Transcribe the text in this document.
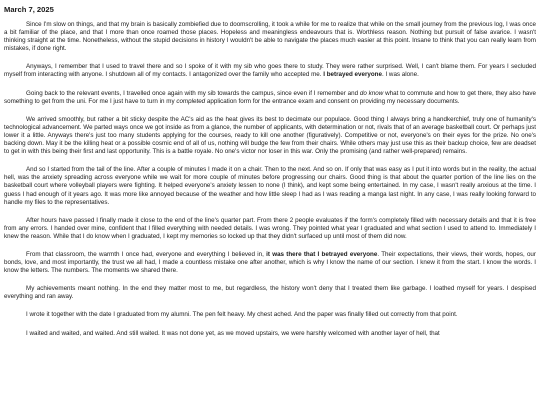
March 7, 2025

Since I'm slow on things, and that my brain is basically zombiefied due to doomscrolling, it took a while for me to realize that while on the small journey from the previous log, I was once a bit familiar of the place, and that I more than once roamed those places. Hopeless and meaningless endeavours that is. Worthless reason. Nothing but pursuit of false avarice. I wasn't thinking straight at the time. Nonetheless, without the stupid decisions in history I wouldn't be able to navigate the places much easier at this point. Insane to think that you can really learn from mistakes, if done right.

Anyways, I remember that I used to travel there and so I spoke of it with my sib who goes there to study. They were rather surprised. Well, I can't blame them. For years I secluded myself from interacting with anyone. I shutdown all of my contacts. I antagonized over the family who accepted me. I betrayed everyone. I was alone.

Going back to the relevant events, I travelled once again with my sib towards the campus, since even if I remember and do know what to commute and how to get there, they also have something to get from the uni. For me I just have to turn in my completed application form for the entrance exam and consent on providing my necessary documents.

We arrived smoothly, but rather a bit sticky despite the AC's aid as the heat gives its best to decimate our populace. Good thing I always bring a handkerchief, truly one of humanity's technological advancement. We parted ways once we got inside as from a glance, the number of applicants, with determination or not, rivals that of an average basketball court. Or perhaps just lower it a little. Anyways there's just too many students applying for the courses, ready to kill one another (figuratively). Competitive or not, everyone's on their eyes for the prize. No one's backing down. May it be the killing heat or a possible cosmic end of all of us, nothing will budge the few from their chairs. While others may just use this as their backup choice, few are deadset to get in with this being their first and last opportunity. This is a battle royale. No one's victor nor loser in this war. Only the promising (and rather well-prepared) remains.

And so I started from the tail of the line. After a couple of minutes I made it on a chair. Then to the next. And so on. If only that was easy as I put it into words but in the reality, the actual hell, was the anxiety spreading across everyone while we wait for more couple of minutes before progressing our chairs. Good thing is that about the quarter portion of the line lies on the basketball court where volleyball players were fighting. It helped everyone's anxiety lessen to none (I think), and kept some being entertained. In my case, I wasn't really anxious at the time. I guess I had enough of it years ago. It was more like annoyed because of the weather and how little sleep I had as I was reading a manga last night. In any case, I was really looking forward to handle my files to the representatives.

After hours have passed I finally made it close to the end of the line's quarter part. From there 2 people evaluates if the form's completely filled with necessary details and that it is free from any errors. I handed over mine, confident that I filled everything with needed details. I was wrong. They pointed what year I graduated and what section I used to attend to. Immediately I knew the reason. While that I do know when I graduated, I kept my memories so locked up that they didn't surfaced up until most of them did now.

From that classroom, the warmth I once had, everyone and everything I believed in, it was there that I betrayed everyone. Their expectations, their views, their words, hopes, our bonds, love, and most importantly, the trust we all had, I made a countless mistake one after another, which is why I know the name of our section. I knew it from the start. I know the words. I know the letters. The numbers. The moments we shared there.

My achievements meant nothing. In the end they matter most to me, but regardless, the history won't deny that I treated them like garbage. I loathed myself for years. I despised everything and ran away.

I wrote it together with the date I graduated from my alumni. The pen felt heavy. My chest ached. And the paper was finally filled out correctly from that point.

I waited and waited, and waited. And still waited. It was not done yet, as we moved upstairs, we were harshly welcomed with another layer of hell, that
